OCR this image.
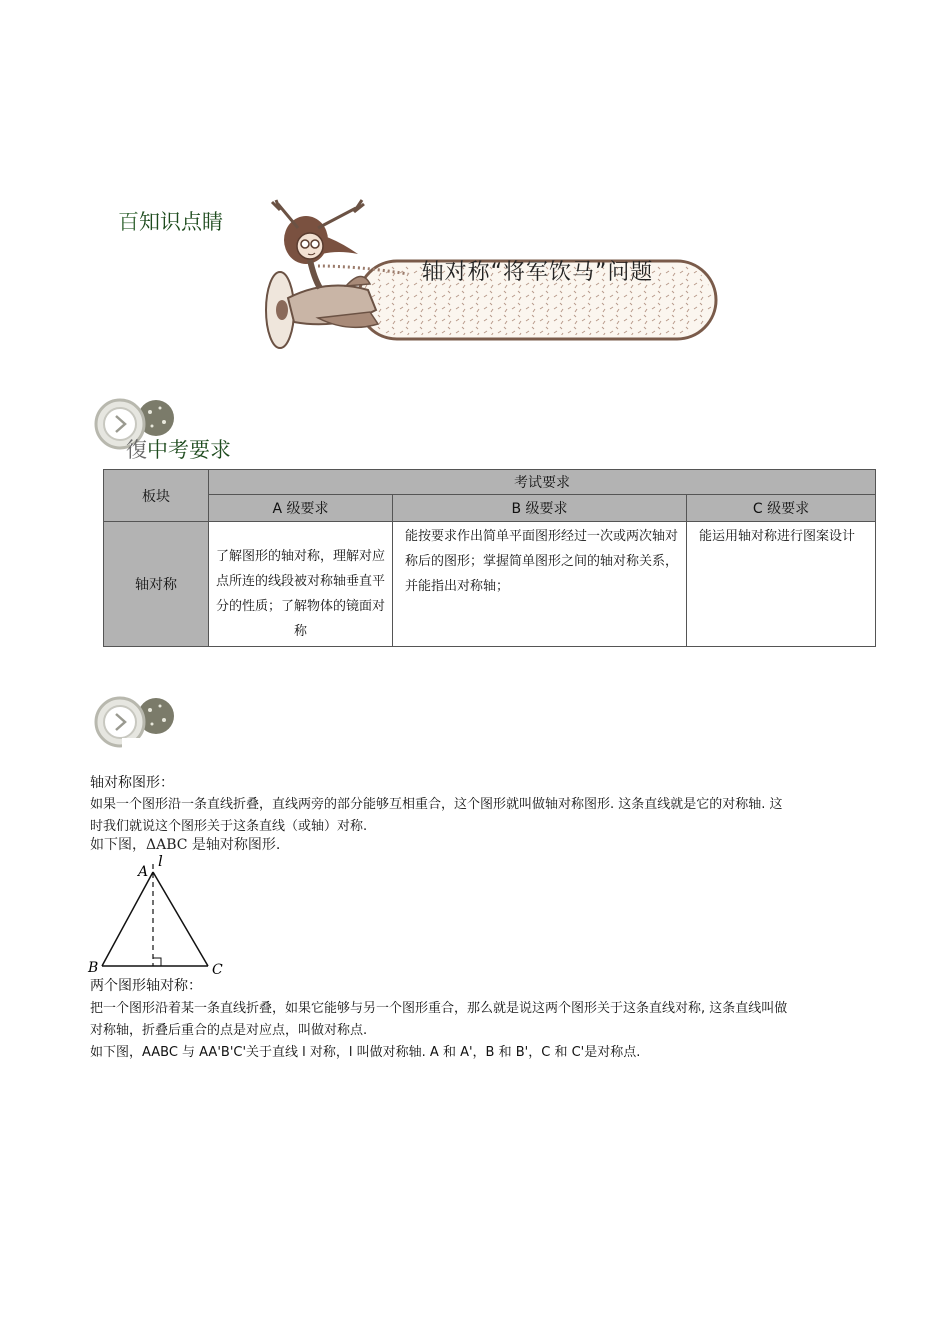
百知识点睛
轴对称“将军饮马”问题
復中考要求
板块	考试要求		
	A 级要求	B 级要求	C 级要求
轴对称	了解图形的轴对称，理解对应点所连的线段被对称轴垂直平分的性质；了解物体的镜面对称	能按要求作出简单平面图形经过一次或两次轴对称后的图形；掌握简单图形之间的轴对称关系，并能指出对称轴；	能运用轴对称进行图案设计
轴对称图形：
如果一个图形沿一条直线折叠，直线两旁的部分能够互相重合，这个图形就叫做轴对称图形. 这条直线就是它的对称轴. 这
时我们就说这个图形关于这条直线（或轴）对称.
如下图，ΔABC 是轴对称图形.
A
l
B	C
两个图形轴对称：
把一个图形沿着某一条直线折叠，如果它能够与另一个图形重合，那么就是说这两个图形关于这条直线对称, 这条直线叫做
对称轴，折叠后重合的点是对应点，叫做对称点.
如下图，AABC 与 AA'B'C'关于直线 l 对称，l 叫做对称轴. A 和 A'，B 和 B'，C 和 C'是对称点.
